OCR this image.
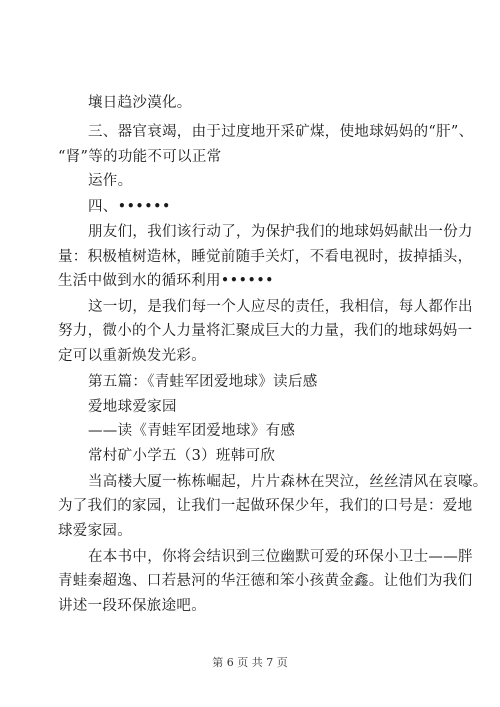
壤日趋沙漠化。
三、器官衰竭，由于过度地开采矿煤，使地球妈妈的“肝”、
“肾”等的功能不可以正常
运作。
四、••••••
朋友们，我们该行动了，为保护我们的地球妈妈献出一份力
量：积极植树造林，睡觉前随手关灯，不看电视时，拔掉插头，
生活中做到水的循环利用••••••
这一切，是我们每一个人应尽的责任，我相信，每人都作出
努力，微小的个人力量将汇聚成巨大的力量，我们的地球妈妈一
定可以重新焕发光彩。
第五篇：《青蛙军团爱地球》读后感
爱地球爱家园
——读《青蛙军团爱地球》有感
常村矿小学五（3）班韩可欣
当高楼大厦一栋栋崛起，片片森林在哭泣，丝丝清风在哀嚎。
为了我们的家园，让我们一起做环保少年，我们的口号是：爱地
球爱家园。
在本书中，你将会结识到三位幽默可爱的环保小卫士——胖
青蛙秦超逸、口若悬河的华汪德和笨小孩黄金鑫。让他们为我们
讲述一段环保旅途吧。
第 6 页 共 7 页
